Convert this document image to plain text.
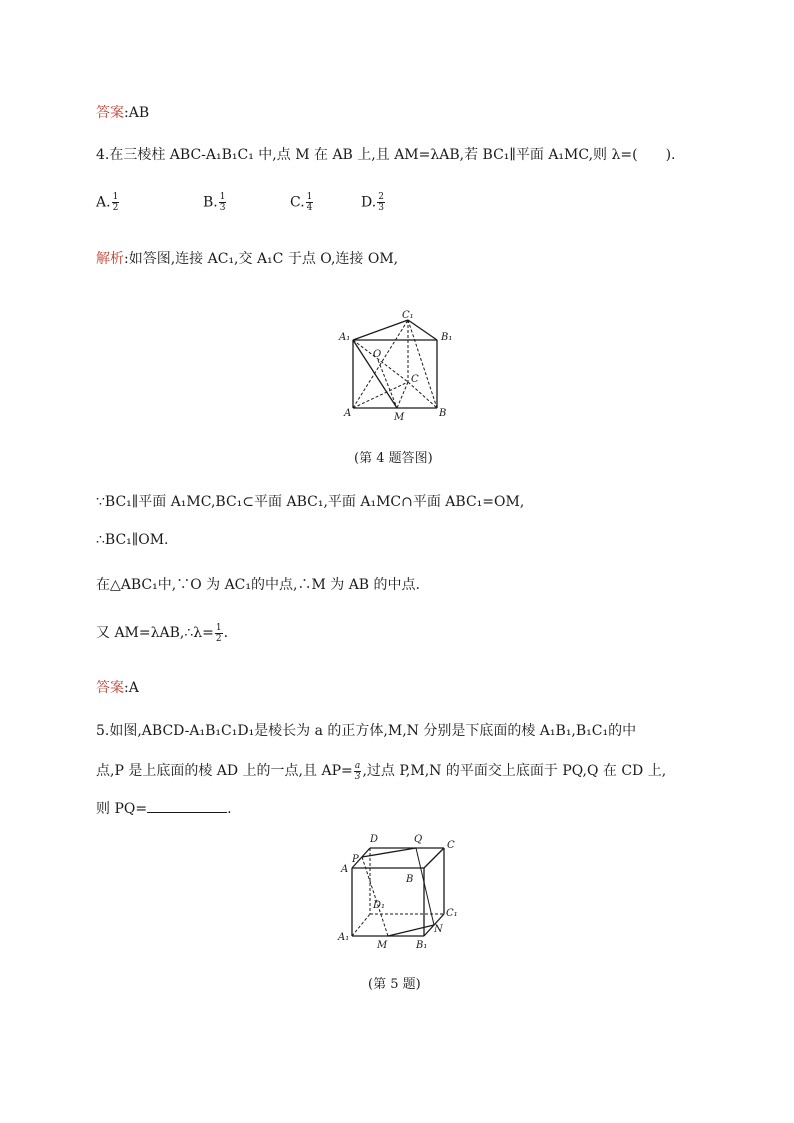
答案:AB
4.在三棱柱 ABC-A₁B₁C₁ 中,点 M 在 AB 上,且 AM=λAB,若 BC₁∥平面 A₁MC,则 λ=(　　).
A. $\frac{1}{2}$	B. $\frac{1}{3}$	C. $\frac{1}{4}$	D. $\frac{2}{3}$
解析:如答图,连接 AC₁,交 A₁C 于点 O,连接 OM,
C₁
A₁	B₁
O
C
A	M	B
(第 4 题答图)
∵BC₁∥平面 A₁MC,BC₁⊂平面 ABC₁,平面 A₁MC∩平面 ABC₁=OM,
∴BC₁∥OM.
在△ABC₁中,∵O 为 AC₁的中点,∴M 为 AB 的中点.
又 AM=λAB,∴λ= $\frac{1}{2}$ .
答案:A
5.如图,ABCD-A₁B₁C₁D₁是棱长为 a 的正方体,M,N 分别是下底面的棱 A₁B₁,B₁C₁的中
点,P 是上底面的棱 AD 上的一点,且 $AP= \frac{a}{3}$ ,过点 P,M,N 的平面交上底面于 PQ,Q 在 CD 上,
则 PQ=	.
D	Q
C
P
A
B
D₁
C₁
N
A₁
M	B₁
(第 5 题)
